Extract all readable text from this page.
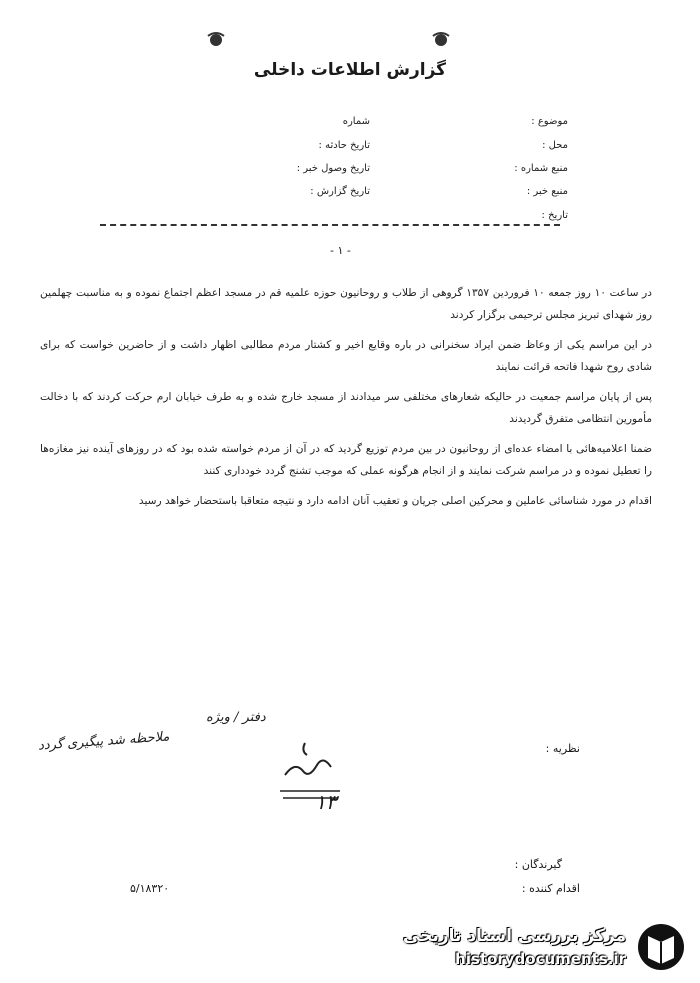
گزارش اطلاعات داخلی
موضوع :
محل :
منبع شماره :
منبع خبر :
تاریخ :
شماره
تاریخ حادثه :
تاریخ وصول خبر :
تاریخ گزارش :
- ۱ -

در ساعت ۱۰ روز جمعه ۱۰ فروردین ۱۳۵۷ گروهی از طلاب و روحانیون حوزه علمیه قم در مسجد اعظم اجتماع نموده و به مناسبت چهلمین روز شهدای تبریز مجلس ترحیمی برگزار کردند

در این مراسم یکی از وعاظ ضمن ایراد سخنرانی در باره وقایع اخیر و کشتار مردم مطالبی اظهار داشت و از حاضرین خواست که برای شادی روح شهدا فاتحه قرائت نمایند

پس از پایان مراسم جمعیت در حالیکه شعارهای مختلفی سر میدادند از مسجد خارج شده و به طرف خیابان ارم حرکت کردند که با دخالت مأمورین انتظامی متفرق گردیدند

ضمنا اعلامیه‌هائی با امضاء عده‌ای از روحانیون در بین مردم توزیع گردید که در آن از مردم خواسته شده بود که در روزهای آینده نیز مغازه‌ها را تعطیل نموده و در مراسم شرکت نمایند و از انجام هرگونه عملی که موجب تشنج گردد خودداری کنند

اقدام در مورد شناسائی عاملین و محرکین اصلی جریان و تعقیب آنان ادامه دارد و نتیجه متعاقبا باستحضار خواهد رسید

دفتر / ویژه
نظریه :
ملاحظه شد پیگیری گردد
۱۳
گیرندگان :
اقدام کننده :
۵/۱۸۳۲۰
مرکز بررسی اسناد تاریخی
historydocuments.ir
